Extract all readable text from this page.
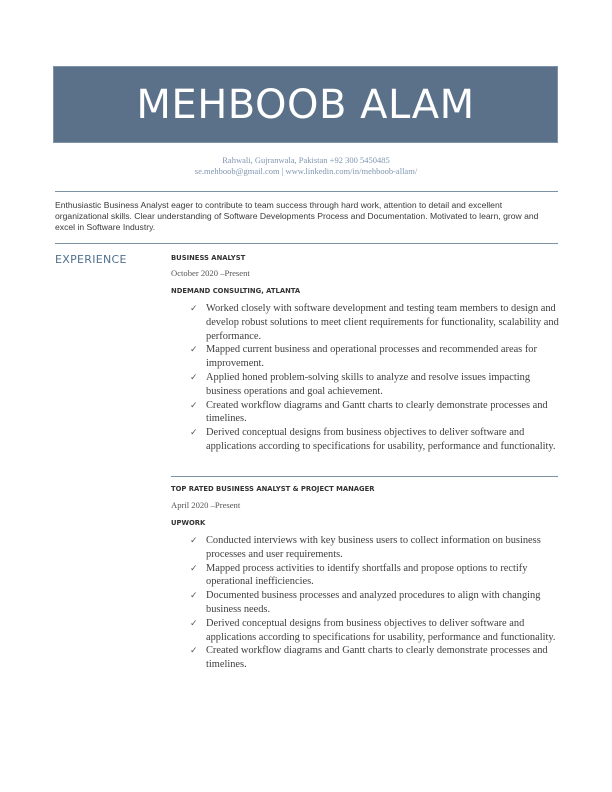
MEHBOOB ALAM
Rahwali, Gujranwala, Pakistan +92 300 5450485
se.mehboob@gmail.com | www.linkedin.com/in/mehboob-allam/
Enthusiastic Business Analyst eager to contribute to team success through hard work, attention to detail and excellent organizational skills. Clear understanding of Software Developments Process and Documentation. Motivated to learn, grow and excel in Software Industry.
EXPERIENCE	BUSINESS ANALYST
October 2020 –Present
NDEMAND CONSULTING, ATLANTA
✓ Worked closely with software development and testing team members to design and develop robust solutions to meet client requirements for functionality, scalability and performance.
✓ Mapped current business and operational processes and recommended areas for improvement.
✓ Applied honed problem-solving skills to analyze and resolve issues impacting business operations and goal achievement.
✓ Created workflow diagrams and Gantt charts to clearly demonstrate processes and timelines.
✓ Derived conceptual designs from business objectives to deliver software and applications according to specifications for usability, performance and functionality.
TOP RATED BUSINESS ANALYST & PROJECT MANAGER
April 2020 –Present
UPWORK
✓ Conducted interviews with key business users to collect information on business processes and user requirements.
✓ Mapped process activities to identify shortfalls and propose options to rectify operational inefficiencies.
✓ Documented business processes and analyzed procedures to align with changing business needs.
✓ Derived conceptual designs from business objectives to deliver software and applications according to specifications for usability, performance and functionality.
✓ Created workflow diagrams and Gantt charts to clearly demonstrate processes and timelines.
